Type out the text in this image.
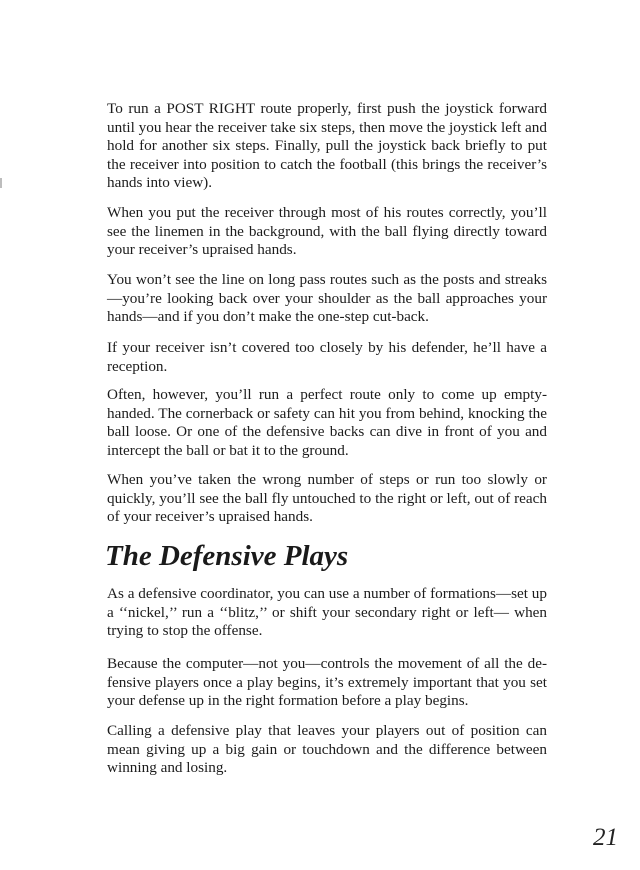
To run a POST RIGHT route properly, first push the joystick forward until you hear the receiver take six steps, then move the joystick left and hold for another six steps. Finally, pull the joystick back briefly to put the receiver into position to catch the football (this brings the receiver’s hands into view).

When you put the receiver through most of his routes correctly, you’ll see the linemen in the background, with the ball flying directly toward your receiver’s upraised hands.

You won’t see the line on long pass routes such as the posts and streaks—you’re looking back over your shoulder as the ball approaches your hands—and if you don’t make the one-step cut-back.

If your receiver isn’t covered too closely by his defender, he’ll have a reception.

Often, however, you’ll run a perfect route only to come up emptyhanded. The cornerback or safety can hit you from behind, knocking the ball loose. Or one of the defensive backs can dive in front of you and intercept the ball or bat it to the ground.

When you’ve taken the wrong number of steps or run too slowly or quickly, you’ll see the ball fly untouched to the right or left, out of reach of your receiver’s upraised hands.

The Defensive Plays

As a defensive coordinator, you can use a number of formations—set up a ‘‘nickel,’’ run a ‘‘blitz,’’ or shift your secondary right or left— when trying to stop the offense.

Because the computer—not you—controls the movement of all the defensive players once a play begins, it’s extremely important that you set your defense up in the right formation before a play begins.

Calling a defensive play that leaves your players out of position can mean giving up a big gain or touchdown and the difference between winning and losing.

21
